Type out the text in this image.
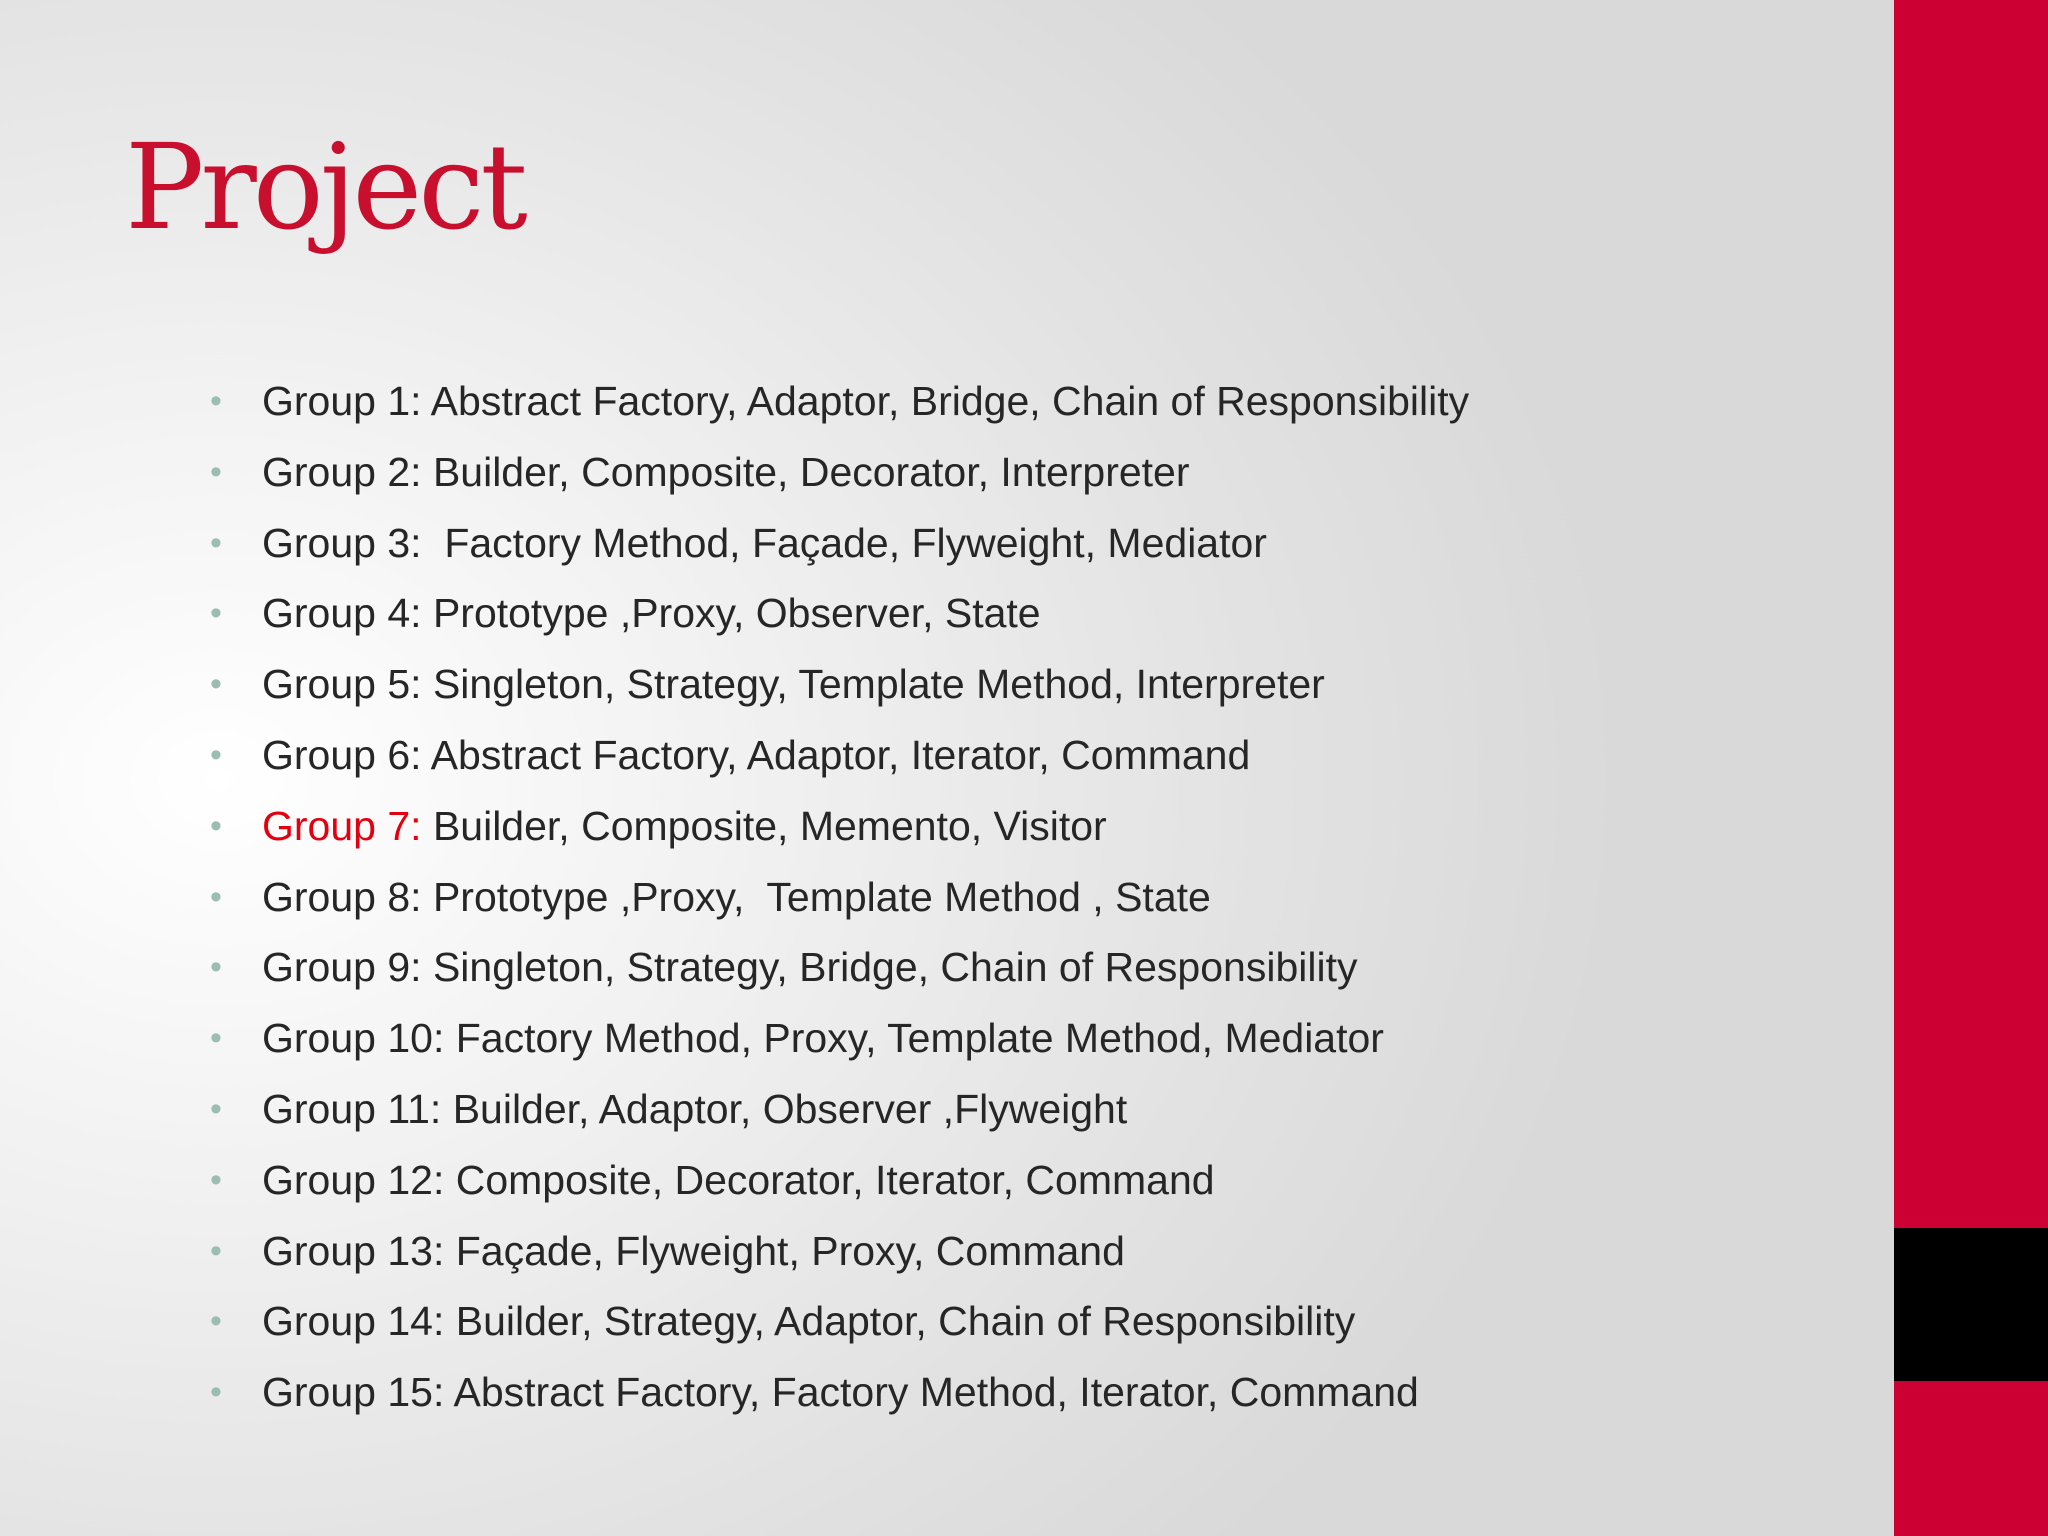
Project
• Group 1: Abstract Factory, Adaptor, Bridge, Chain of Responsibility
• Group 2: Builder, Composite, Decorator, Interpreter
• Group 3:  Factory Method, Façade, Flyweight, Mediator
• Group 4: Prototype ,Proxy, Observer, State
• Group 5: Singleton, Strategy, Template Method, Interpreter
• Group 6: Abstract Factory, Adaptor, Iterator, Command
• Group 7: Builder, Composite, Memento, Visitor
• Group 8: Prototype ,Proxy,  Template Method , State
• Group 9: Singleton, Strategy, Bridge, Chain of Responsibility
• Group 10: Factory Method, Proxy, Template Method, Mediator
• Group 11: Builder, Adaptor, Observer ,Flyweight
• Group 12: Composite, Decorator, Iterator, Command
• Group 13: Façade, Flyweight, Proxy, Command
• Group 14: Builder, Strategy, Adaptor, Chain of Responsibility
• Group 15: Abstract Factory, Factory Method, Iterator, Command
